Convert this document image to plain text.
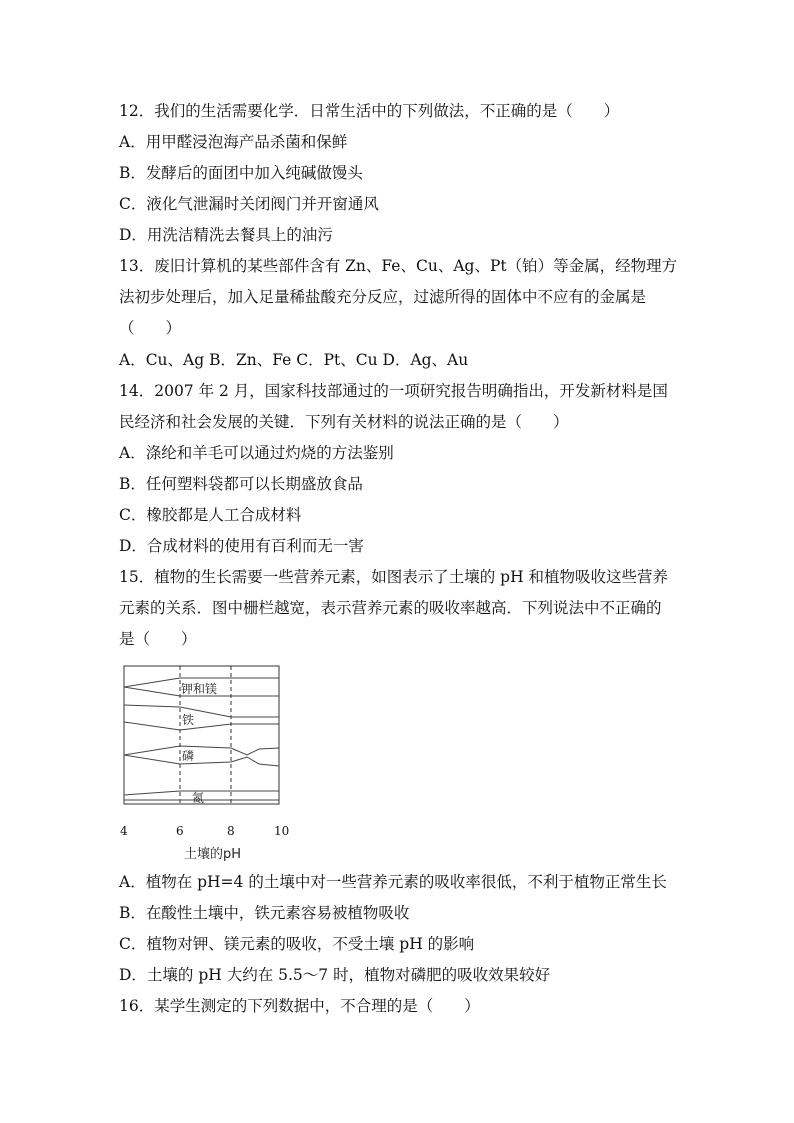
12．我们的生活需要化学．日常生活中的下列做法，不正确的是（　　）
A．用甲醛浸泡海产品杀菌和保鲜
B．发酵后的面团中加入纯碱做馒头
C．液化气泄漏时关闭阀门并开窗通风
D．用洗洁精洗去餐具上的油污
13．废旧计算机的某些部件含有 Zn、Fe、Cu、Ag、Pt（铂）等金属，经物理方
法初步处理后，加入足量稀盐酸充分反应，过滤所得的固体中不应有的金属是
（　　）
A．Cu、Ag B．Zn、Fe C．Pt、Cu D．Ag、Au
14．2007 年 2 月，国家科技部通过的一项研究报告明确指出，开发新材料是国
民经济和社会发展的关键．下列有关材料的说法正确的是（　　）
A．涤纶和羊毛可以通过灼烧的方法鉴别
B．任何塑料袋都可以长期盛放食品
C．橡胶都是人工合成材料
D．合成材料的使用有百利而无一害
15．植物的生长需要一些营养元素，如图表示了土壤的 pH 和植物吸收这些营养
元素的关系．图中栅栏越宽，表示营养元素的吸收率越高．下列说法中不正确的
是（　　）
钾和镁
铁
磷
氮
4	6	8	10
土壤的pH
A．植物在 pH=4 的土壤中对一些营养元素的吸收率很低，不利于植物正常生长
B．在酸性土壤中，铁元素容易被植物吸收
C．植物对钾、镁元素的吸收，不受土壤 pH 的影响
D．土壤的 pH 大约在 5.5～7 时，植物对磷肥的吸收效果较好
16．某学生测定的下列数据中，不合理的是（　　）
